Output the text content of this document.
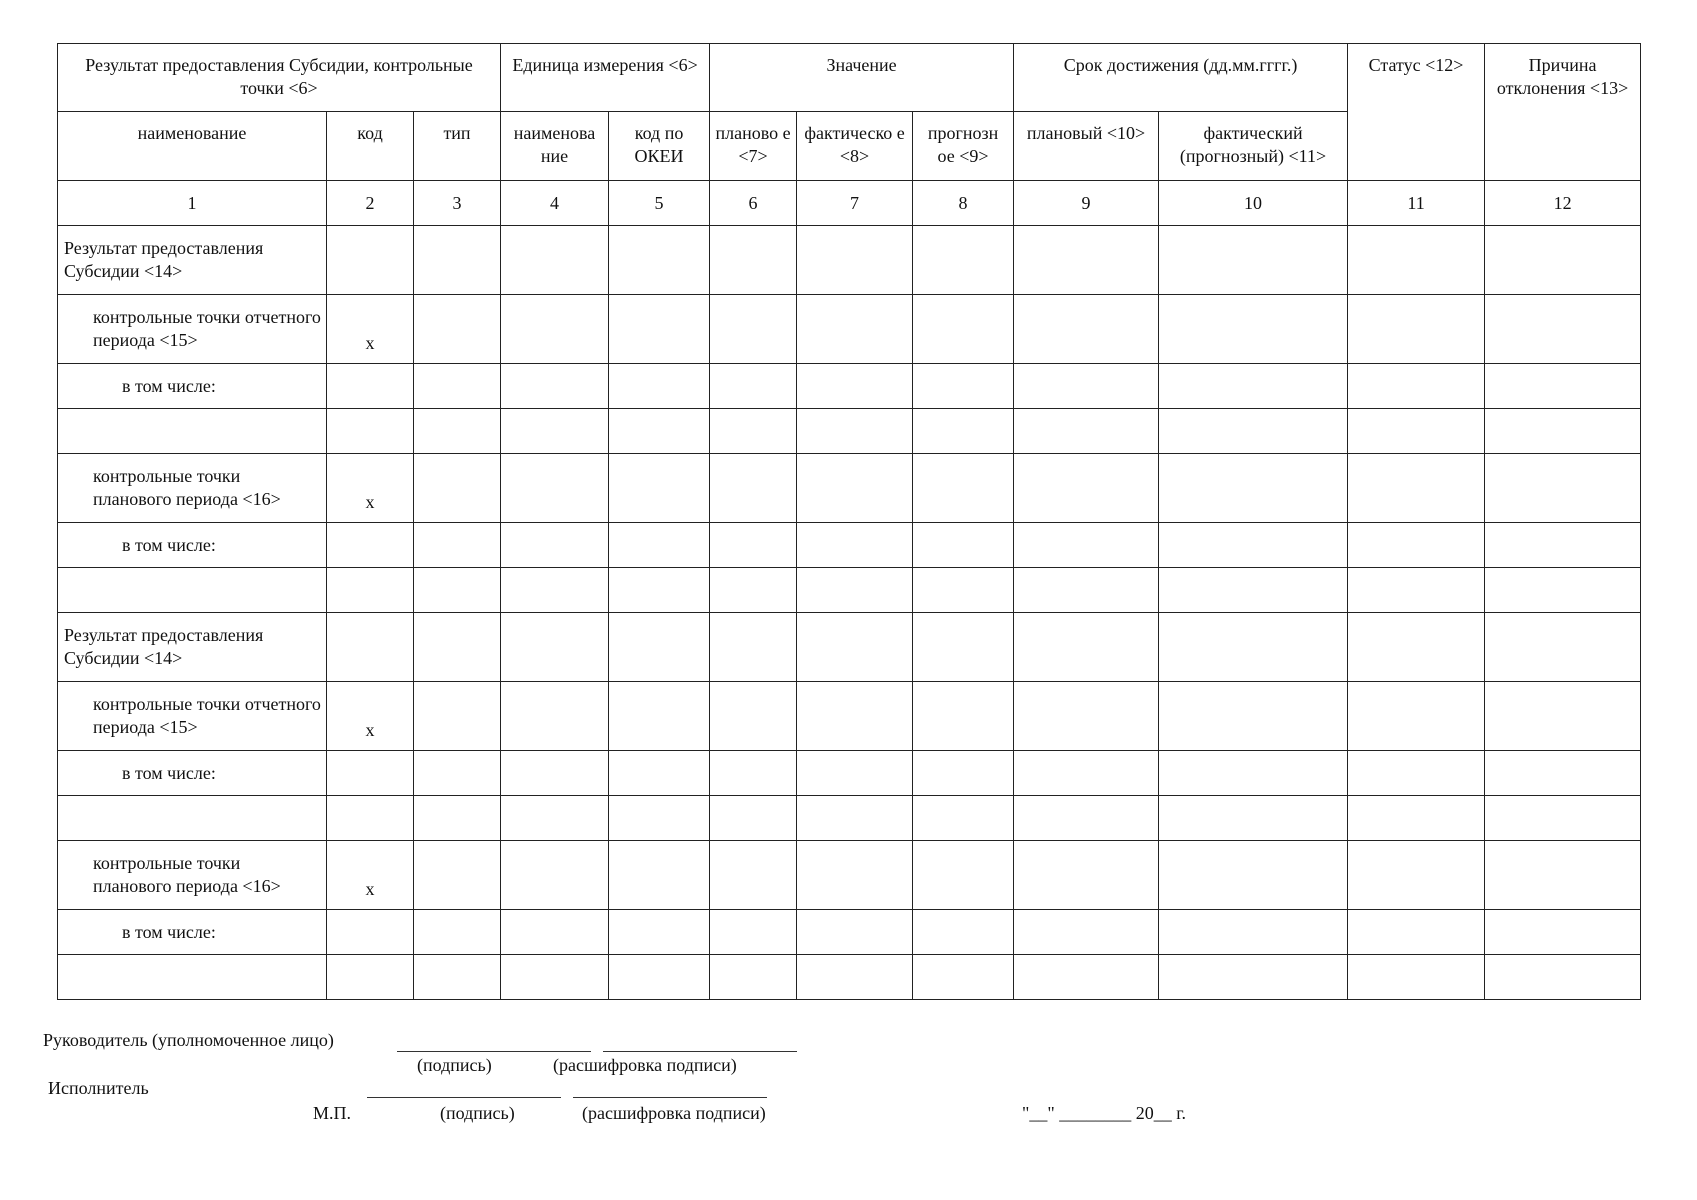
Результат предоставления Субсидии, контрольные точки <6>			Единица измерения <6>		Значение			Срок достижения (дд.мм.гггг.)		Статус <12>	Причина отклонения <13>
наименование	код	тип	наименова ние	код по ОКЕИ	планово е <7>	фактическо е <8>	прогнозн ое <9>	плановый <10>	фактический (прогнозный) <11>		
1	2	3	4	5	6	7	8	9	10	11	12
Результат предоставления Субсидии <14>											
контрольные точки отчетного периода <15>	x										
в том числе:											

контрольные точки планового периода <16>	x										
в том числе:											

Результат предоставления Субсидии <14>											
контрольные точки отчетного периода <15>	x										
в том числе:											

контрольные точки планового периода <16>	x										
в том числе:											

Руководитель (уполномоченное лицо)
(подпись)	(расшифровка подписи)
Исполнитель
М.П.	(подпись)	(расшифровка подписи)	"__" ________ 20__ г.
